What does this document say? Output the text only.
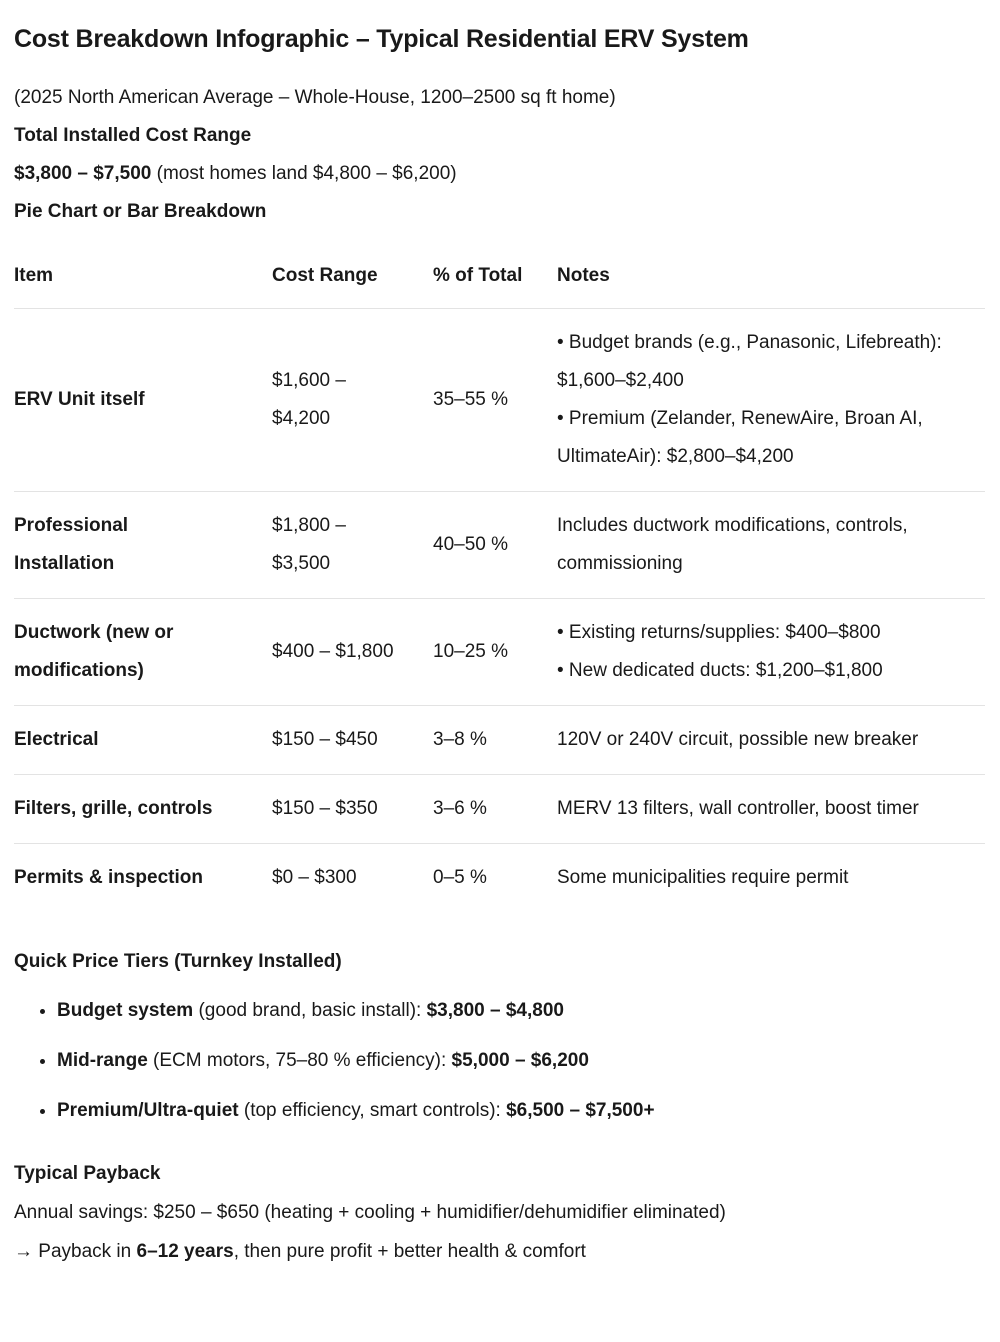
Cost Breakdown Infographic – Typical Residential ERV System

(2025 North American Average – Whole-House, 1200–2500 sq ft home)

Total Installed Cost Range

$3,800 – $7,500 (most homes land $4,800 – $6,200)

Pie Chart or Bar Breakdown

Item	Cost Range	% of Total	Notes
ERV Unit itself	$1,600 – $4,200	35–55 %	• Budget brands (e.g., Panasonic, Lifebreath): $1,600–$2,400
• Premium (Zelander, RenewAire, Broan AI, UltimateAir): $2,800–$4,200

Professional Installation	$1,800 – $3,500	40–50 %	Includes ductwork modifications, controls, commissioning

Ductwork (new or modifications)	$400 – $1,800	10–25 %	• Existing returns/supplies: $400–$800
• New dedicated ducts: $1,200–$1,800

Electrical	$150 – $450	3–8 %	120V or 240V circuit, possible new breaker

Filters, grille, controls	$150 – $350	3–6 %	MERV 13 filters, wall controller, boost timer

Permits & inspection	$0 – $300	0–5 %	Some municipalities require permit

Quick Price Tiers (Turnkey Installed)

• Budget system (good brand, basic install): $3,800 – $4,800
• Mid-range (ECM motors, 75–80 % efficiency): $5,000 – $6,200
• Premium/Ultra-quiet (top efficiency, smart controls): $6,500 – $7,500+

Typical Payback

Annual savings: $250 – $650 (heating + cooling + humidifier/dehumidifier eliminated)

→ Payback in 6–12 years, then pure profit + better health & comfort
